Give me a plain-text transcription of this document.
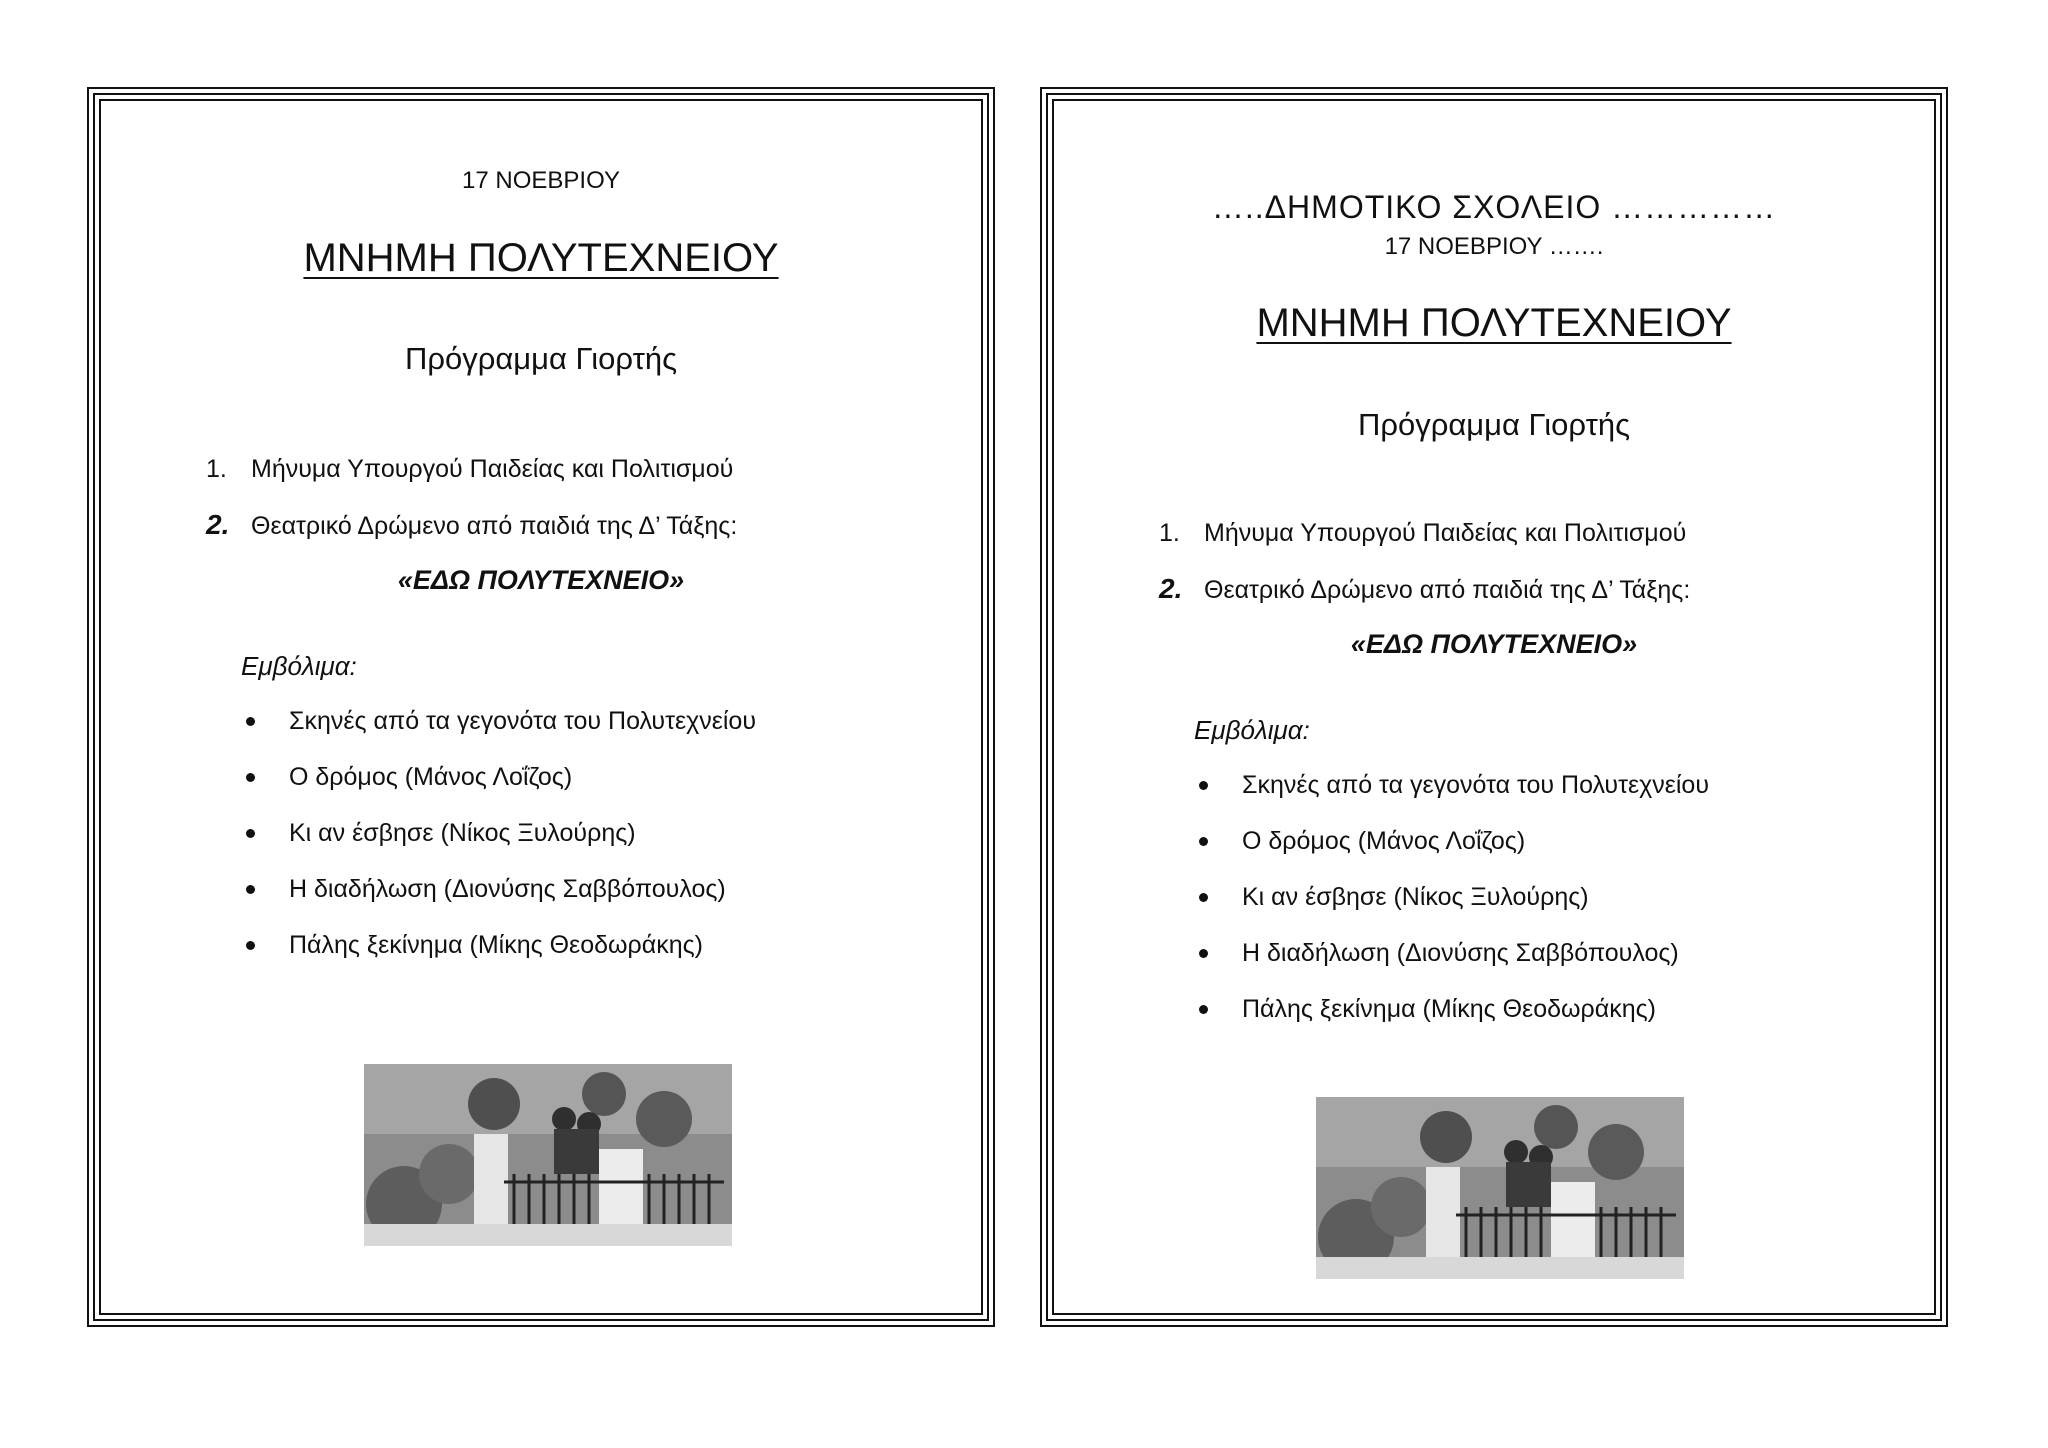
17 ΝΟΕΒΡΙΟΥ
ΜΝΗΜΗ ΠΟΛΥΤΕΧΝΕΙΟΥ
Πρόγραμμα Γιορτής
1. Μήνυμα Υπουργού Παιδείας και Πολιτισμού
2. Θεατρικό Δρώμενο από παιδιά της Δ’ Τάξης:
«ΕΔΩ ΠΟΛΥΤΕΧΝΕΙΟ»
Εμβόλιμα:
Σκηνές από τα γεγονότα του Πολυτεχνείου
Ο δρόμος (Μάνος Λοΐζος)
Κι αν έσβησε (Νίκος Ξυλούρης)
Η διαδήλωση (Διονύσης Σαββόπουλος)
Πάλης ξεκίνημα (Μίκης Θεοδωράκης)
…..ΔΗΜΟΤΙΚΟ ΣΧΟΛΕΙΟ ……………
17 ΝΟΕΒΡΙΟΥ …….
ΜΝΗΜΗ ΠΟΛΥΤΕΧΝΕΙΟΥ
Πρόγραμμα Γιορτής
1. Μήνυμα Υπουργού Παιδείας και Πολιτισμού
2. Θεατρικό Δρώμενο από παιδιά της Δ’ Τάξης:
«ΕΔΩ ΠΟΛΥΤΕΧΝΕΙΟ»
Εμβόλιμα:
Σκηνές από τα γεγονότα του Πολυτεχνείου
Ο δρόμος (Μάνος Λοΐζος)
Κι αν έσβησε (Νίκος Ξυλούρης)
Η διαδήλωση (Διονύσης Σαββόπουλος)
Πάλης ξεκίνημα (Μίκης Θεοδωράκης)
